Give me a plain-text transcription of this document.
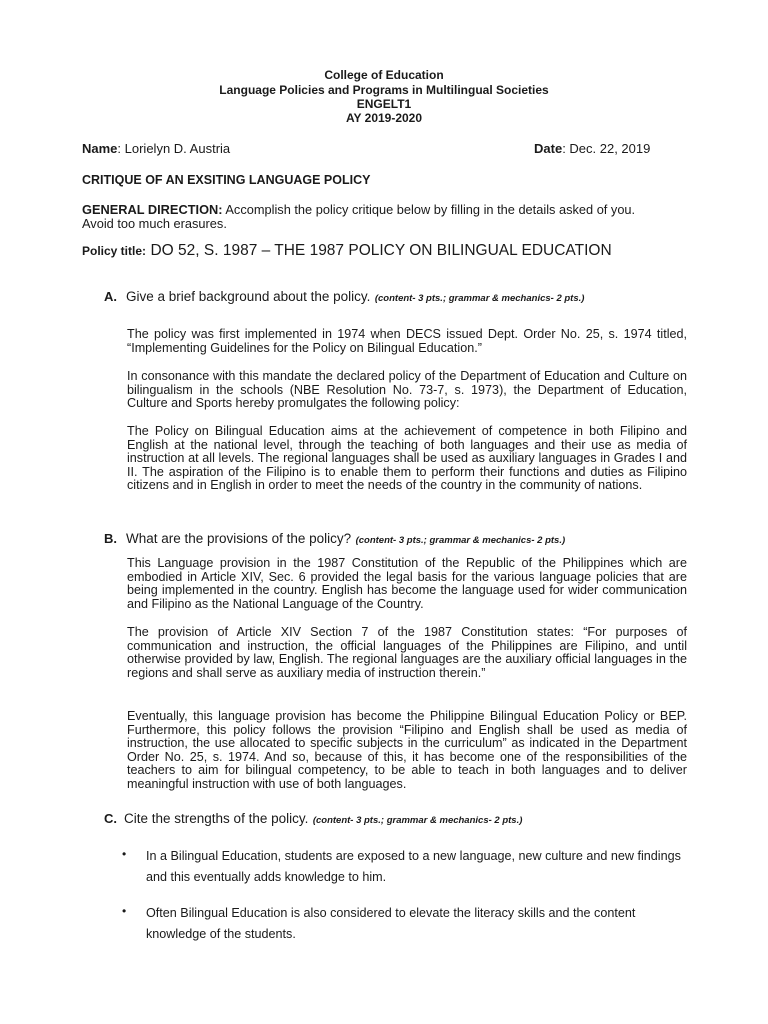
College of Education
Language Policies and Programs in Multilingual Societies
ENGELT1
AY 2019-2020
Name: Lorielyn D. Austria	Date: Dec. 22, 2019
CRITIQUE OF AN EXSITING LANGUAGE POLICY
GENERAL DIRECTION: Accomplish the policy critique below by filling in the details asked of you.
Avoid too much erasures.
Policy title: DO 52, S. 1987 – THE 1987 POLICY ON BILINGUAL EDUCATION
A. Give a brief background about the policy. (content- 3 pts.; grammar & mechanics- 2 pts.)

The policy was first implemented in 1974 when DECS issued Dept. Order No. 25, s. 1974 titled, “Implementing Guidelines for the Policy on Bilingual Education.”

In consonance with this mandate the declared policy of the Department of Education and Culture on bilingualism in the schools (NBE Resolution No. 73-7, s. 1973), the Department of Education, Culture and Sports hereby promulgates the following policy:

The Policy on Bilingual Education aims at the achievement of competence in both Filipino and English at the national level, through the teaching of both languages and their use as media of instruction at all levels. The regional languages shall be used as auxiliary languages in Grades I and II. The aspiration of the Filipino is to enable them to perform their functions and duties as Filipino citizens and in English in order to meet the needs of the country in the community of nations.

B. What are the provisions of the policy? (content- 3 pts.; grammar & mechanics- 2 pts.)

This Language provision in the 1987 Constitution of the Republic of the Philippines which are embodied in Article XIV, Sec. 6 provided the legal basis for the various language policies that are being implemented in the country. English has become the language used for wider communication and Filipino as the National Language of the Country.

The provision of Article XIV Section 7 of the 1987 Constitution states: “For purposes of communication and instruction, the official languages of the Philippines are Filipino, and until otherwise provided by law, English. The regional languages are the auxiliary official languages in the regions and shall serve as auxiliary media of instruction therein.”

Eventually, this language provision has become the Philippine Bilingual Education Policy or BEP. Furthermore, this policy follows the provision “Filipino and English shall be used as media of instruction, the use allocated to specific subjects in the curriculum” as indicated in the Department Order No. 25, s. 1974. And so, because of this, it has become one of the responsibilities of the teachers to aim for bilingual competency, to be able to teach in both languages and to deliver meaningful instruction with use of both languages.

C. Cite the strengths of the policy. (content- 3 pts.; grammar & mechanics- 2 pts.)
• In a Bilingual Education, students are exposed to a new language, new culture and new findings and this eventually adds knowledge to him.
• Often Bilingual Education is also considered to elevate the literacy skills and the content knowledge of the students.
